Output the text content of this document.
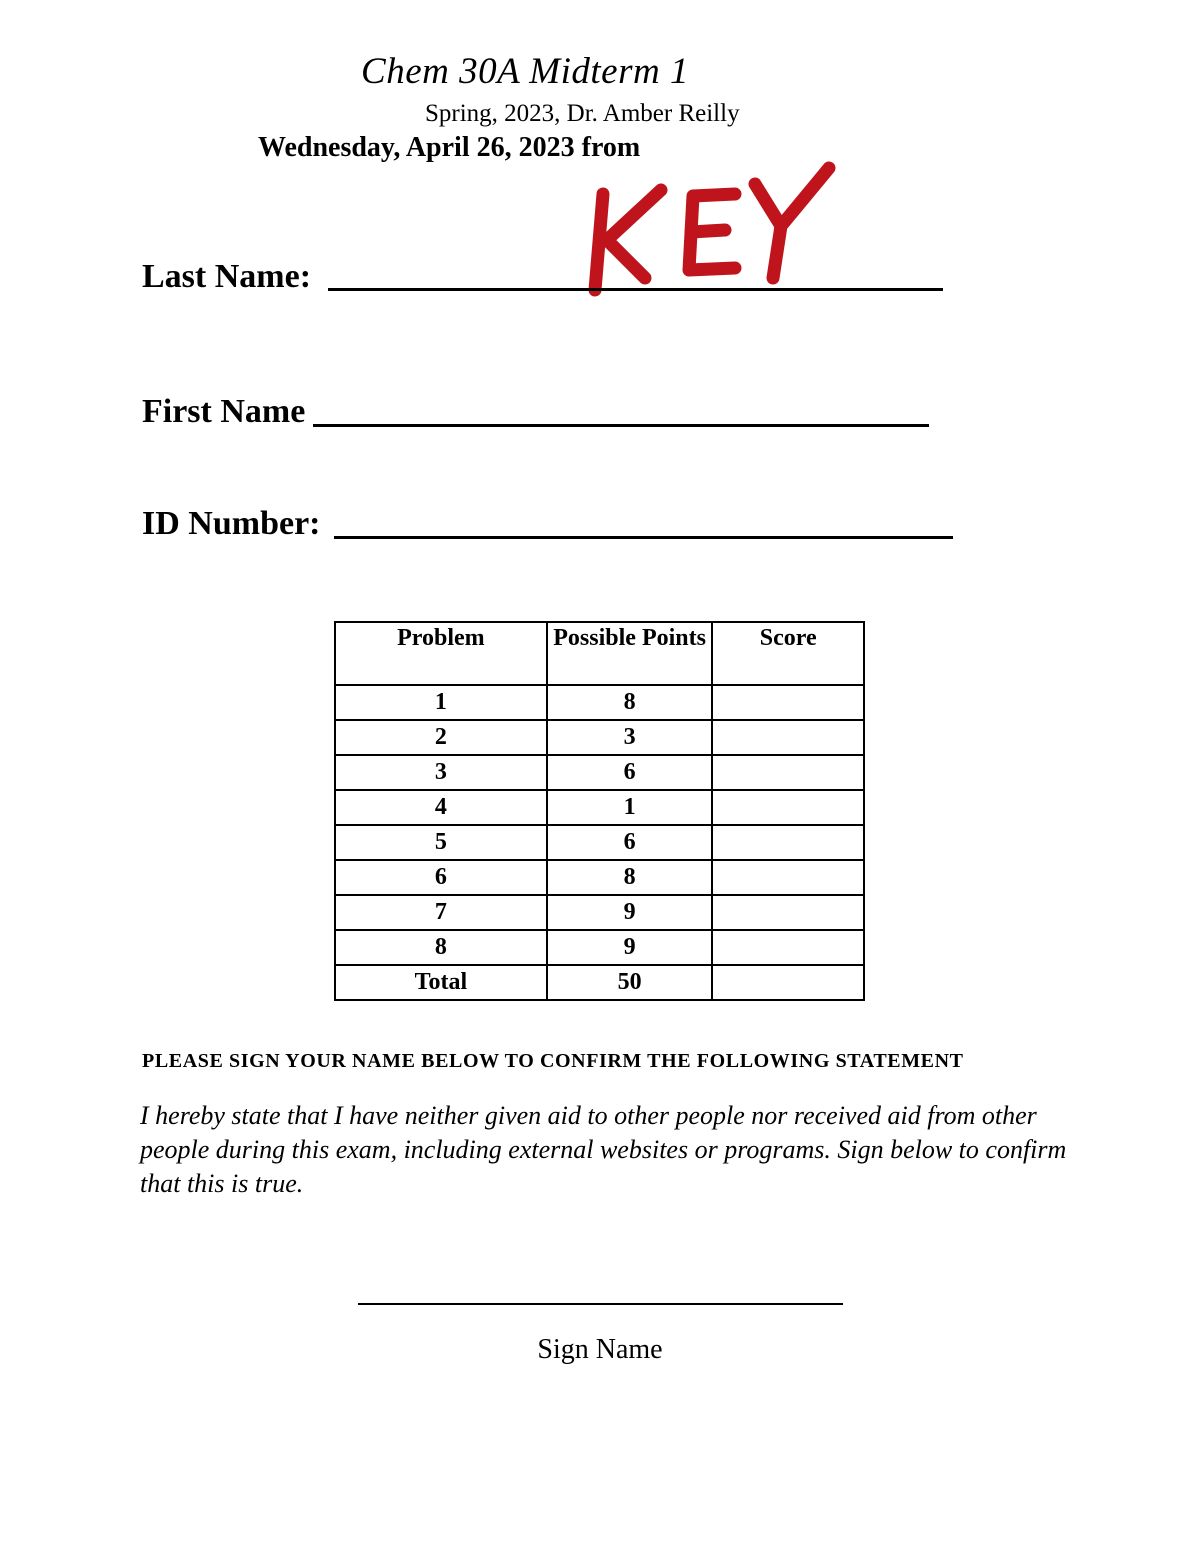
Chem 30A Midterm 1
Spring, 2023, Dr. Amber Reilly
Wednesday, April 26, 2023 from
Last Name:
First Name
ID Number:
Problem	Possible Points	Score
1	8	
2	3	
3	6	
4	1	
5	6	
6	8	
7	9	
8	9	
Total	50	
PLEASE SIGN YOUR NAME BELOW TO CONFIRM THE FOLLOWING STATEMENT
I hereby state that I have neither given aid to other people nor received aid from other people during this exam, including external websites or programs. Sign below to confirm that this is true.
Sign Name
